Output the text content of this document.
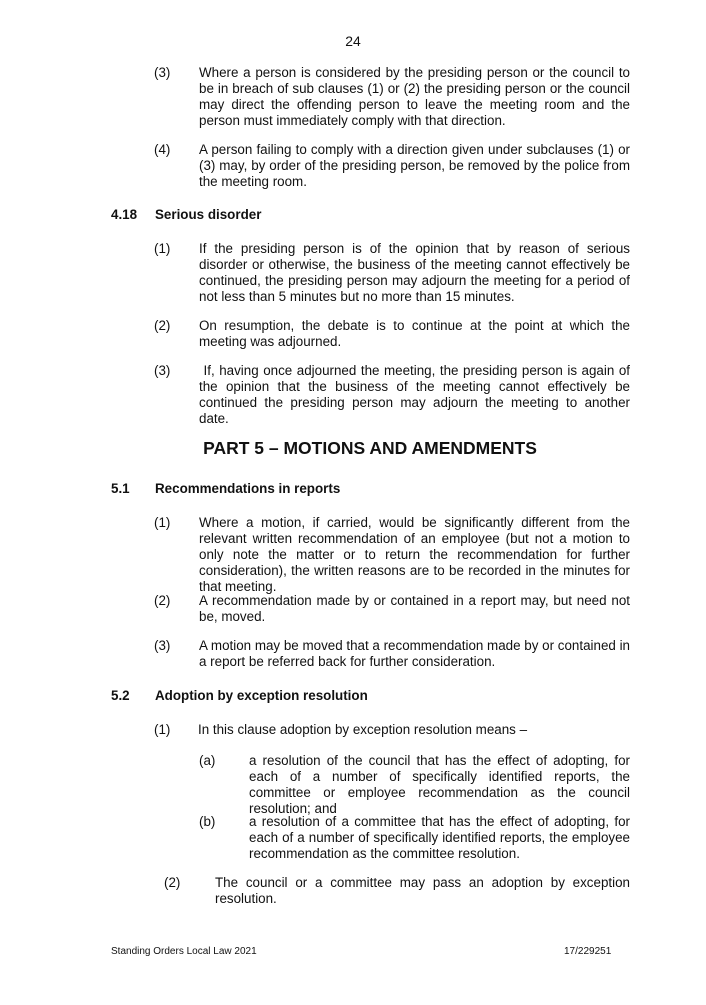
24
(3) Where a person is considered by the presiding person or the council to be in breach of sub clauses (1) or (2) the presiding person or the council may direct the offending person to leave the meeting room and the person must immediately comply with that direction.
(4) A person failing to comply with a direction given under subclauses (1) or (3) may, by order of the presiding person, be removed by the police from the meeting room.
4.18 Serious disorder
(1) If the presiding person is of the opinion that by reason of serious disorder or otherwise, the business of the meeting cannot effectively be continued, the presiding person may adjourn the meeting for a period of not less than 5 minutes but no more than 15 minutes.
(2) On resumption, the debate is to continue at the point at which the meeting was adjourned.
(3) If, having once adjourned the meeting, the presiding person is again of the opinion that the business of the meeting cannot effectively be continued the presiding person may adjourn the meeting to another date.
PART 5 – MOTIONS AND AMENDMENTS
5.1 Recommendations in reports
(1) Where a motion, if carried, would be significantly different from the relevant written recommendation of an employee (but not a motion to only note the matter or to return the recommendation for further consideration), the written reasons are to be recorded in the minutes for that meeting.
(2) A recommendation made by or contained in a report may, but need not be, moved.
(3) A motion may be moved that a recommendation made by or contained in a report be referred back for further consideration.
5.2 Adoption by exception resolution
(1) In this clause adoption by exception resolution means –
(a)	a resolution of the council that has the effect of adopting, for each of a number of specifically identified reports, the committee or employee recommendation as the council resolution; and
(b)	a resolution of a committee that has the effect of adopting, for each of a number of specifically identified reports, the employee recommendation as the committee resolution.
(2)	The council or a committee may pass an adoption by exception resolution.
Standing Orders Local Law 2021	17/229251
